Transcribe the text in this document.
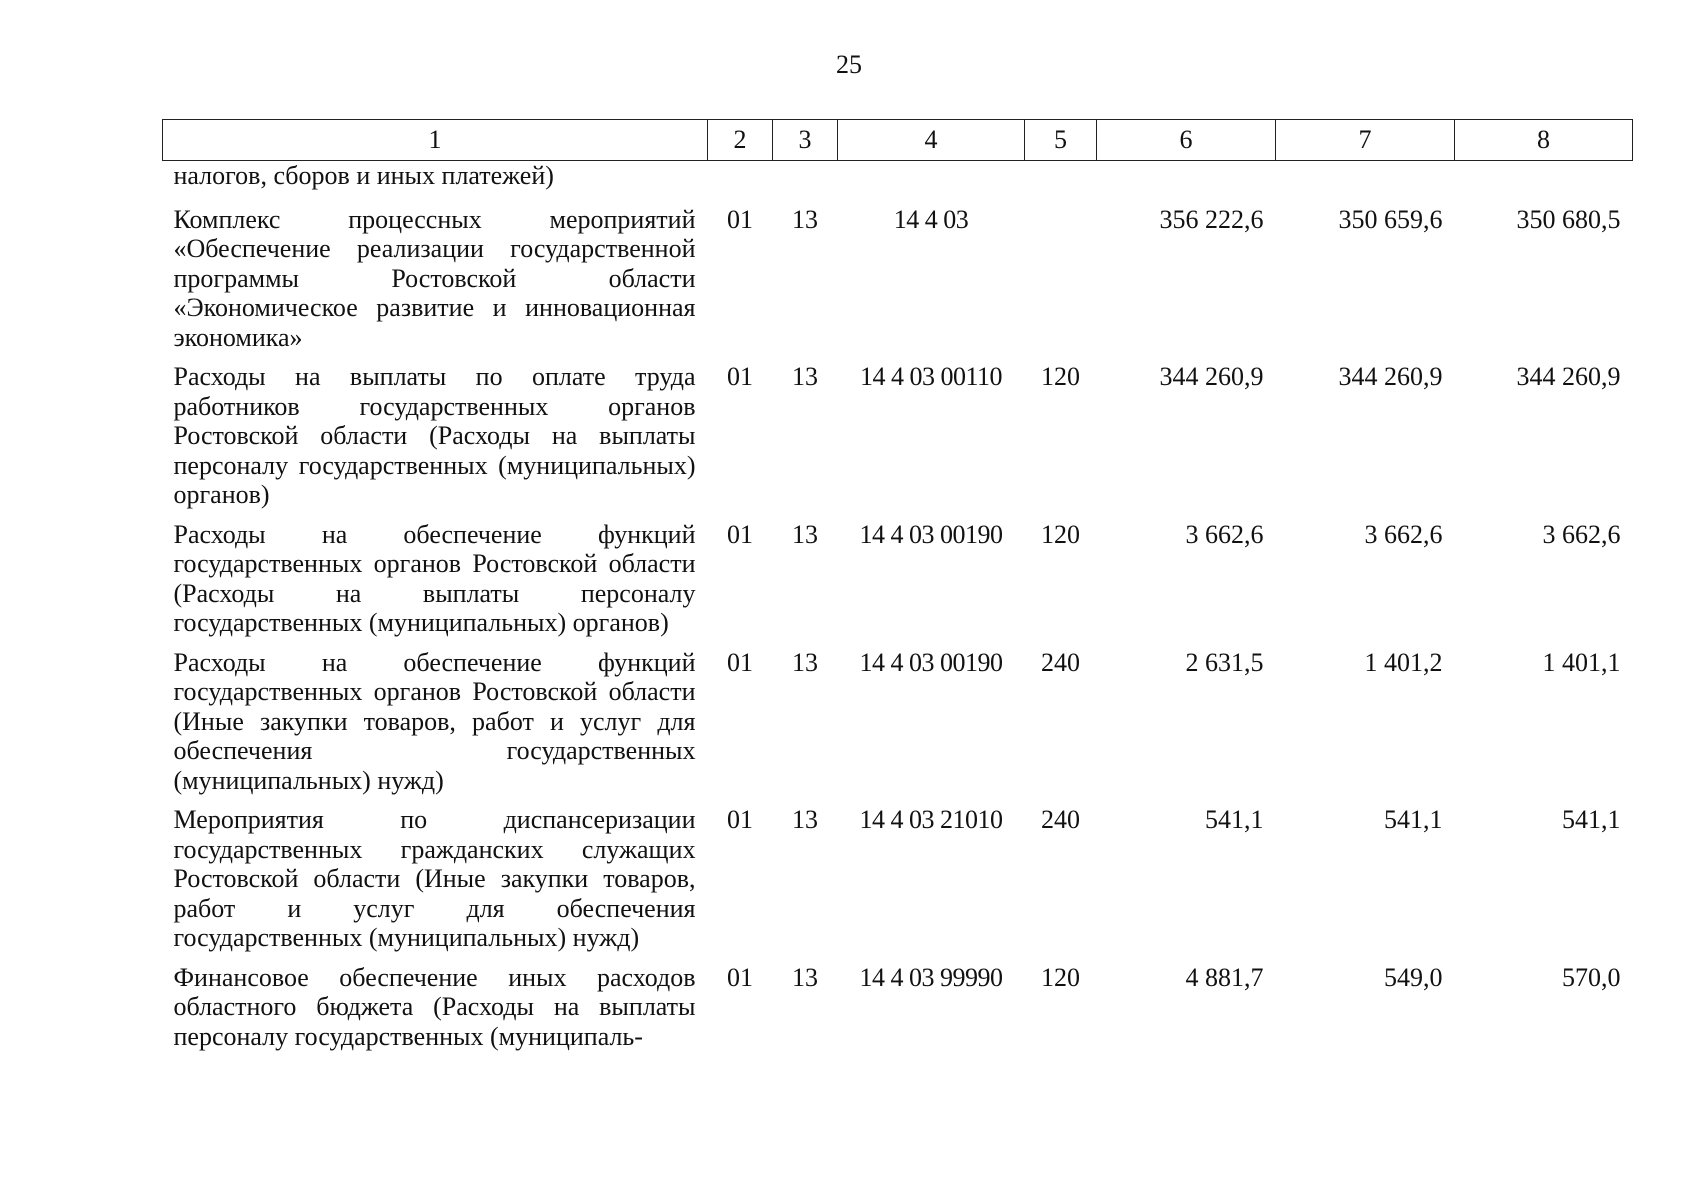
25
1	2	3	4	5	6	7	8
налогов, сборов и иных платежей)							
Комплекс процессных мероприятий «Обеспечение реализации государственной программы Ростовской области «Экономическое развитие и инновационная экономика»	01	13	14 4 03		356 222,6	350 659,6	350 680,5
Расходы на выплаты по оплате труда работников государственных органов Ростовской области (Расходы на выплаты персоналу государственных (муниципальных) органов)	01	13	14 4 03 00110	120	344 260,9	344 260,9	344 260,9
Расходы на обеспечение функций государственных органов Ростовской области (Расходы на выплаты персоналу государственных (муниципальных) органов)	01	13	14 4 03 00190	120	3 662,6	3 662,6	3 662,6
Расходы на обеспечение функций государственных органов Ростовской области (Иные закупки товаров, работ и услуг для обеспечения государственных (муниципальных) нужд)	01	13	14 4 03 00190	240	2 631,5	1 401,2	1 401,1
Мероприятия по диспансеризации государственных гражданских служащих Ростовской области (Иные закупки товаров, работ и услуг для обеспечения государственных (муниципальных) нужд)	01	13	14 4 03 21010	240	541,1	541,1	541,1
Финансовое обеспечение иных расходов областного бюджета (Расходы на выплаты персоналу государственных (муниципаль-	01	13	14 4 03 99990	120	4 881,7	549,0	570,0
